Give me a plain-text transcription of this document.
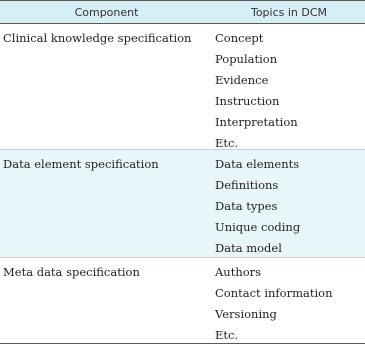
Component	Topics in DCM
Clinical knowledge specification	Concept
Population
Evidence
Instruction
Interpretation
Etc.
Data element specification	Data elements
Definitions
Data types
Unique coding
Data model
Meta data specification	Authors
Contact information
Versioning
Etc.
